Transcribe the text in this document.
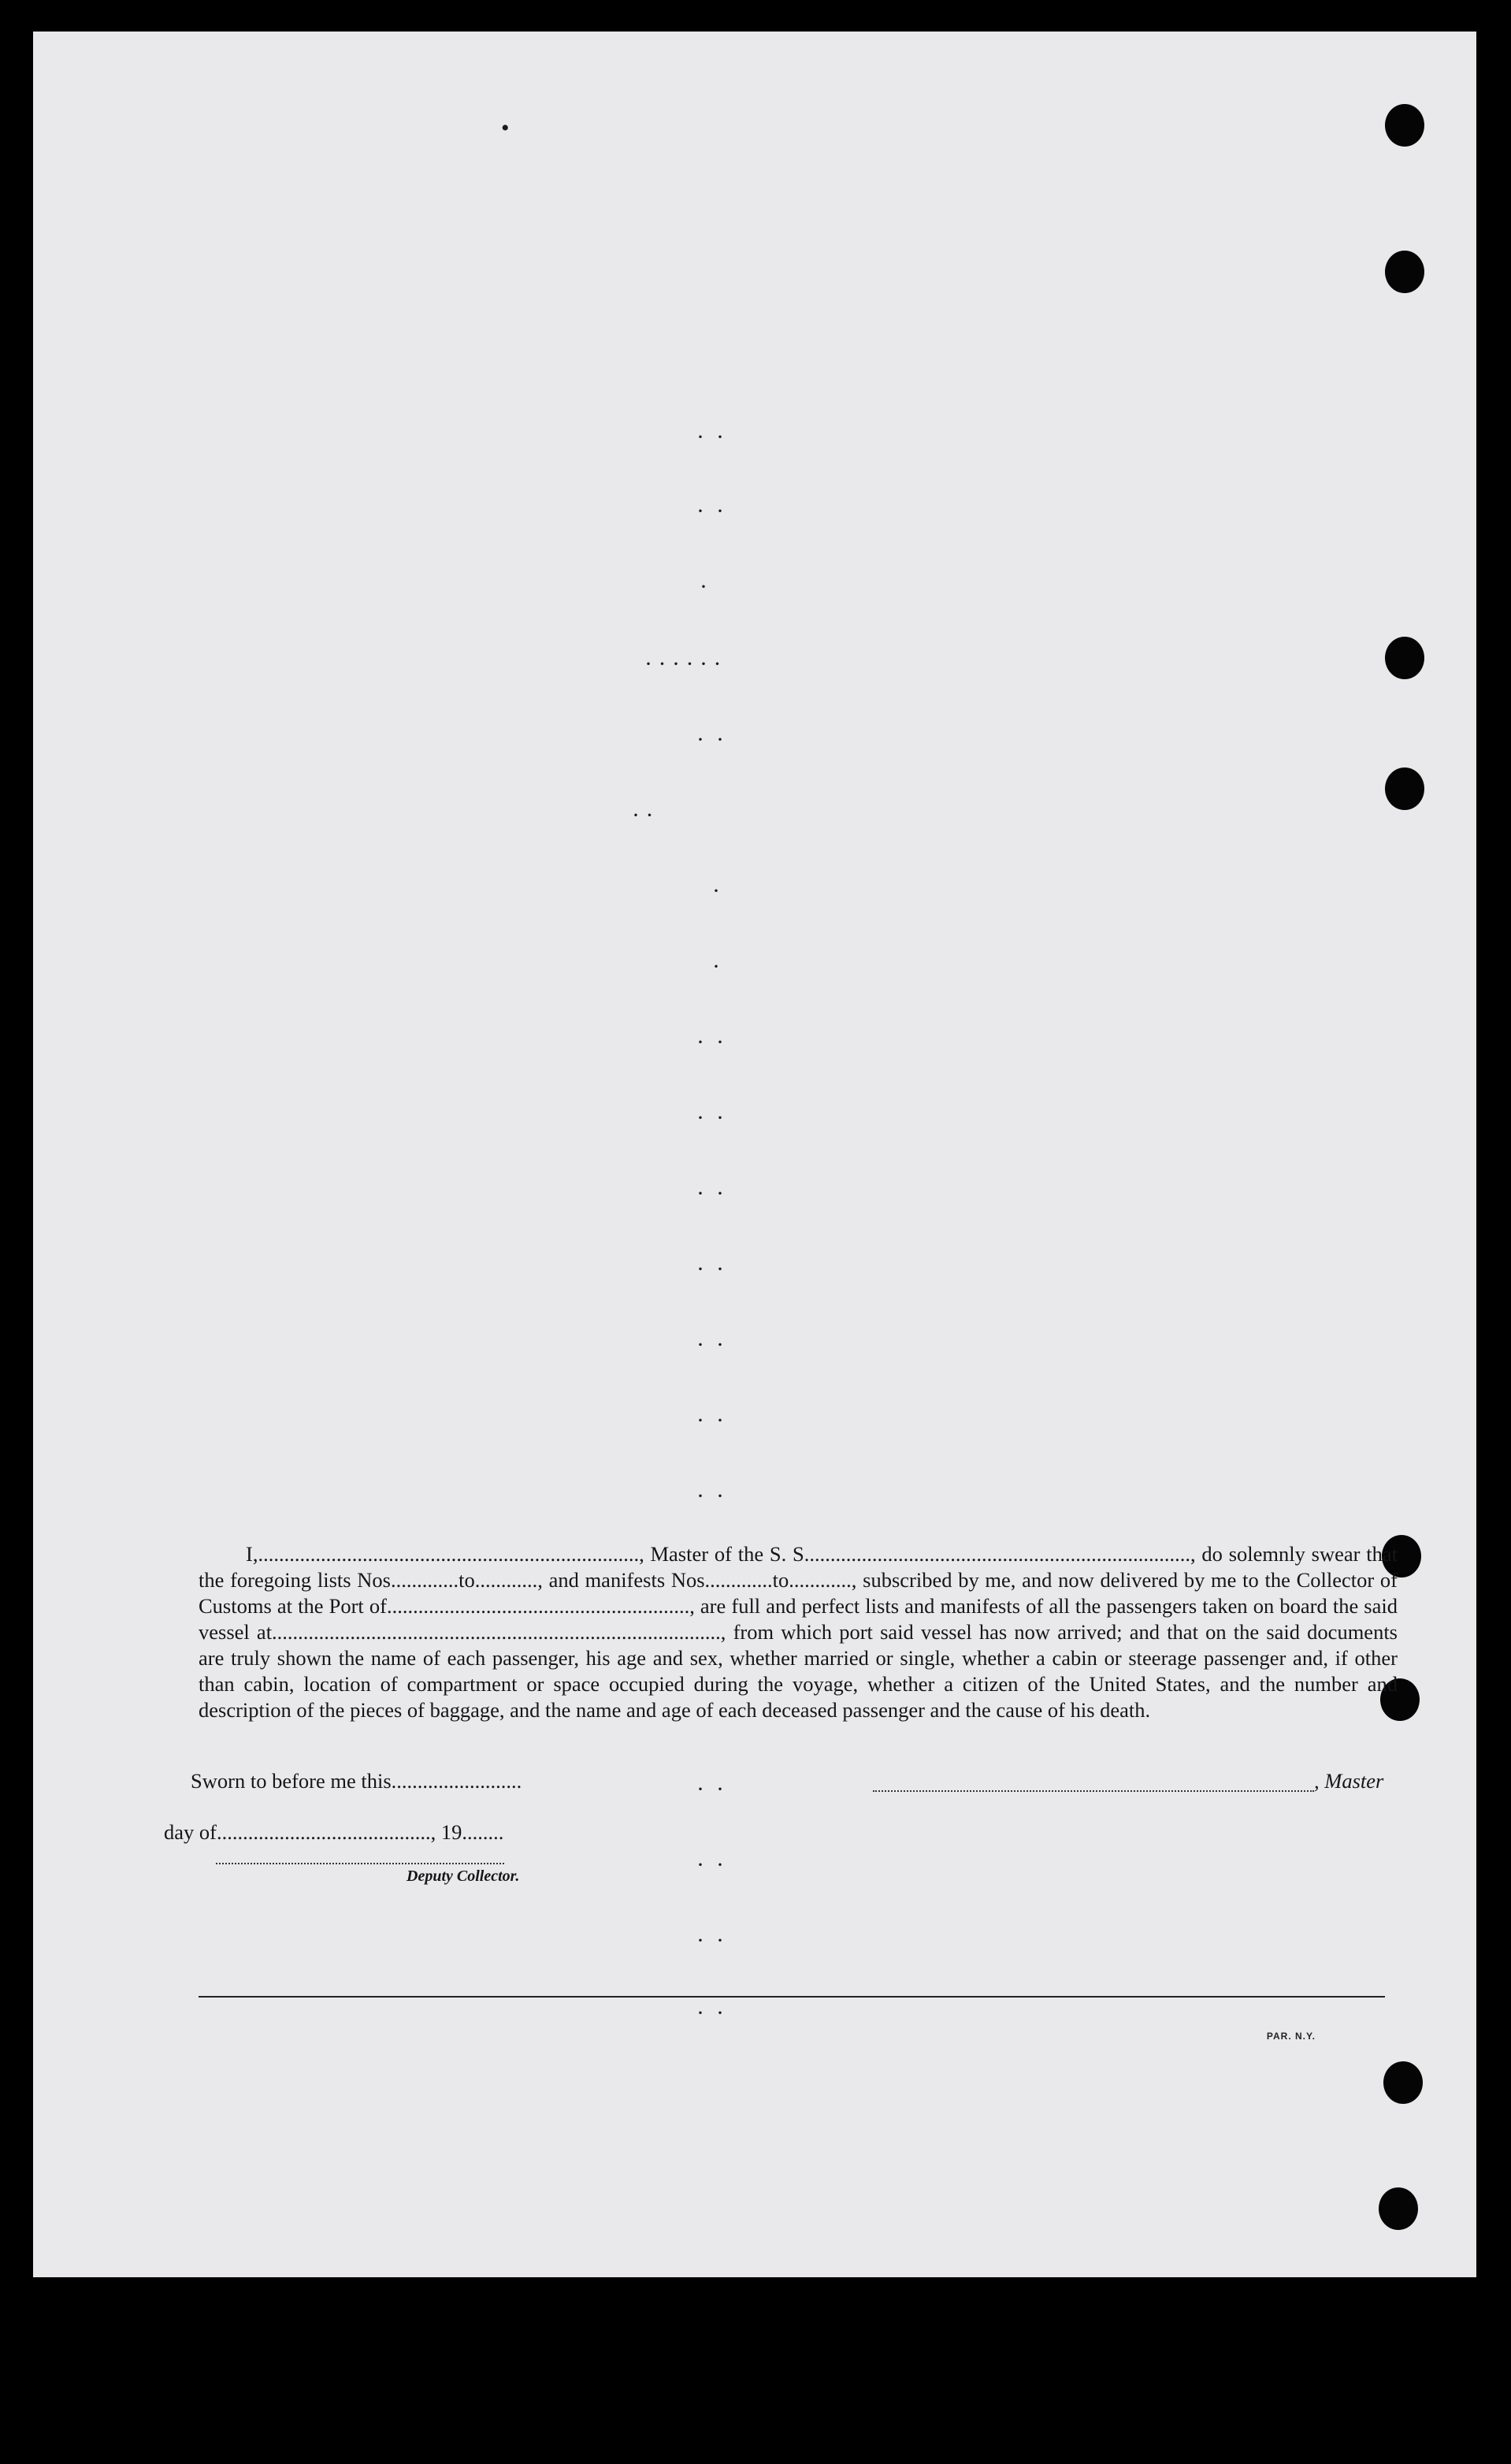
•
·  ·
·  ·
·
· · · · · ·
·  ·
· ·
·
·
·  ·
·  ·
·  ·
·  ·
·  ·
·  ·
·  ·
·  ·
·  ·
·  ·
·  ·

I,........................................................................., Master of the S. S.........................................................................., do solemnly swear that the foregoing lists Nos.............to............, and manifests Nos.............to............, subscribed by me, and now delivered by me to the Collector of Customs at the Port of.........................................................., are full and perfect lists and manifests of all the passengers taken on board the said vessel at......................................................................................, from which port said vessel has now arrived; and that on the said documents are truly shown the name of each passenger, his age and sex, whether married or single, whether a cabin or steerage passenger and, if other than cabin, location of compartment or space occupied during the voyage, whether a citizen of the United States, and the number and description of the pieces of baggage, and the name and age of each deceased passenger and the cause of his death.

Sworn to before me this.........................	, Master
day of........................................., 19........
Deputy Collector.
PAR. N.Y.
